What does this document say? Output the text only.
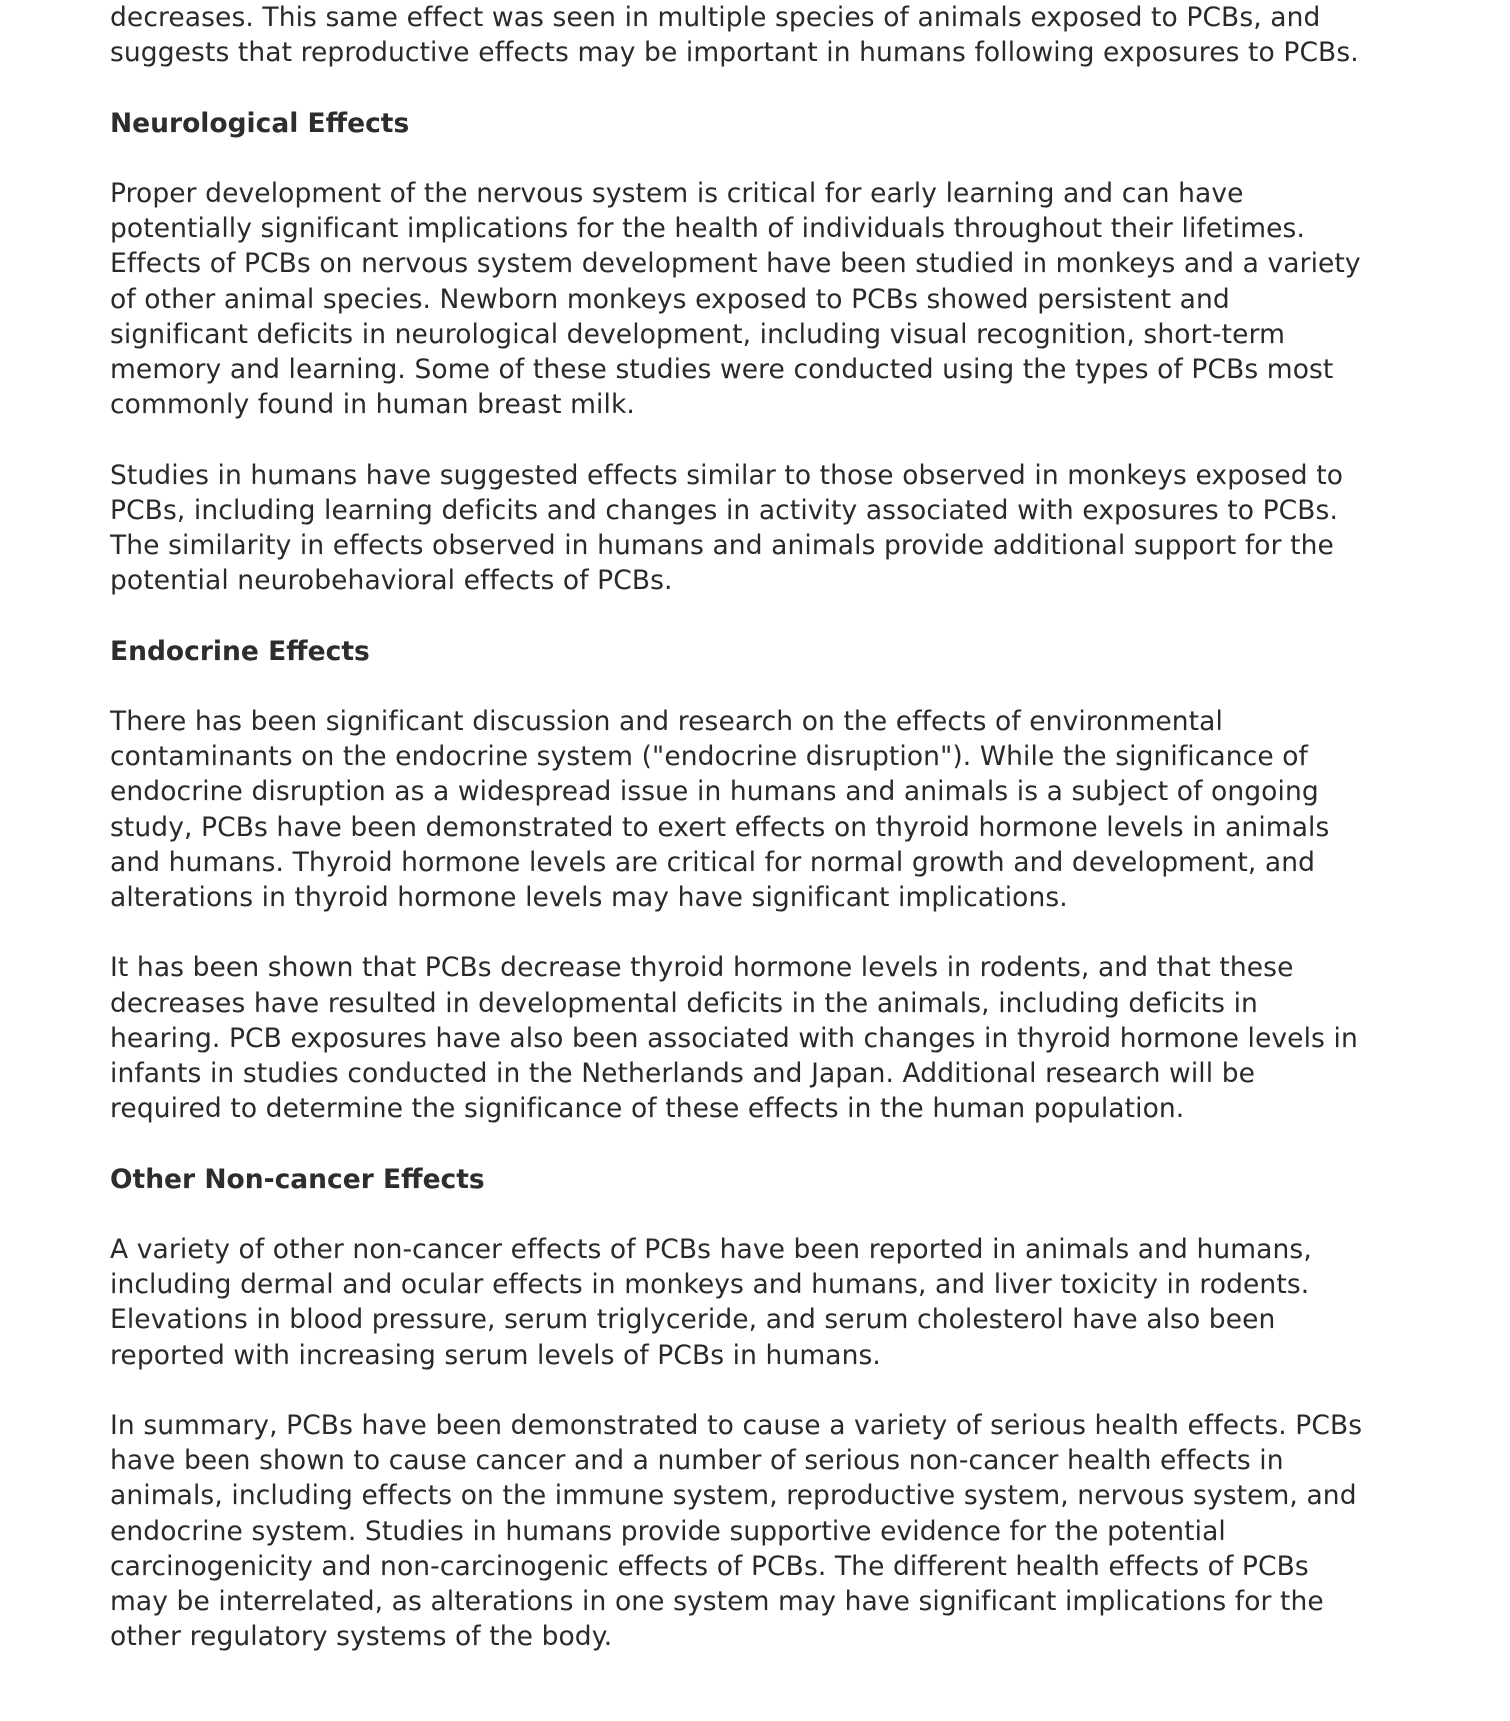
decreases. This same effect was seen in multiple species of animals exposed to PCBs, and
suggests that reproductive effects may be important in humans following exposures to PCBs.

Neurological Effects

Proper development of the nervous system is critical for early learning and can have
potentially significant implications for the health of individuals throughout their lifetimes.
Effects of PCBs on nervous system development have been studied in monkeys and a variety
of other animal species. Newborn monkeys exposed to PCBs showed persistent and
significant deficits in neurological development, including visual recognition, short-term
memory and learning. Some of these studies were conducted using the types of PCBs most
commonly found in human breast milk.

Studies in humans have suggested effects similar to those observed in monkeys exposed to
PCBs, including learning deficits and changes in activity associated with exposures to PCBs.
The similarity in effects observed in humans and animals provide additional support for the
potential neurobehavioral effects of PCBs.

Endocrine Effects

There has been significant discussion and research on the effects of environmental
contaminants on the endocrine system ("endocrine disruption"). While the significance of
endocrine disruption as a widespread issue in humans and animals is a subject of ongoing
study, PCBs have been demonstrated to exert effects on thyroid hormone levels in animals
and humans. Thyroid hormone levels are critical for normal growth and development, and
alterations in thyroid hormone levels may have significant implications.

It has been shown that PCBs decrease thyroid hormone levels in rodents, and that these
decreases have resulted in developmental deficits in the animals, including deficits in
hearing. PCB exposures have also been associated with changes in thyroid hormone levels in
infants in studies conducted in the Netherlands and Japan. Additional research will be
required to determine the significance of these effects in the human population.

Other Non-cancer Effects

A variety of other non-cancer effects of PCBs have been reported in animals and humans,
including dermal and ocular effects in monkeys and humans, and liver toxicity in rodents.
Elevations in blood pressure, serum triglyceride, and serum cholesterol have also been
reported with increasing serum levels of PCBs in humans.

In summary, PCBs have been demonstrated to cause a variety of serious health effects. PCBs
have been shown to cause cancer and a number of serious non-cancer health effects in
animals, including effects on the immune system, reproductive system, nervous system, and
endocrine system. Studies in humans provide supportive evidence for the potential
carcinogenicity and non-carcinogenic effects of PCBs. The different health effects of PCBs
may be interrelated, as alterations in one system may have significant implications for the
other regulatory systems of the body.
